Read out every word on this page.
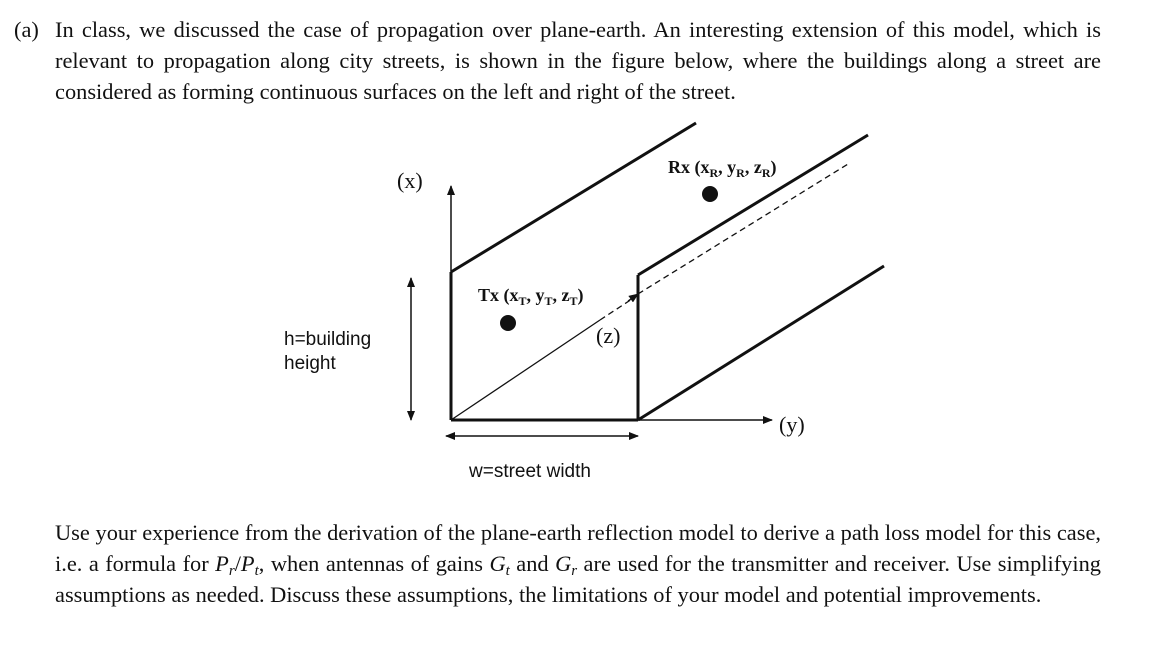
(a) In class, we discussed the case of propagation over plane-earth. An interesting extension of this model, which is relevant to propagation along city streets, is shown in the figure below, where the buildings along a street are considered as forming continuous surfaces on the left and right of the street.

(x)
(y)
(z)
Tx ($x_T$, $y_T$, $z_T$)
Rx ($x_R$, $y_R$, $z_R$)
h=building
height
w=street width

Use your experience from the derivation of the plane-earth reflection model to derive a path loss model for this case, i.e. a formula for $P_r/P_t$, when antennas of gains $G_t$ and $G_r$ are used for the transmitter and receiver. Use simplifying assumptions as needed. Discuss these assumptions, the limitations of your model and potential improvements.
